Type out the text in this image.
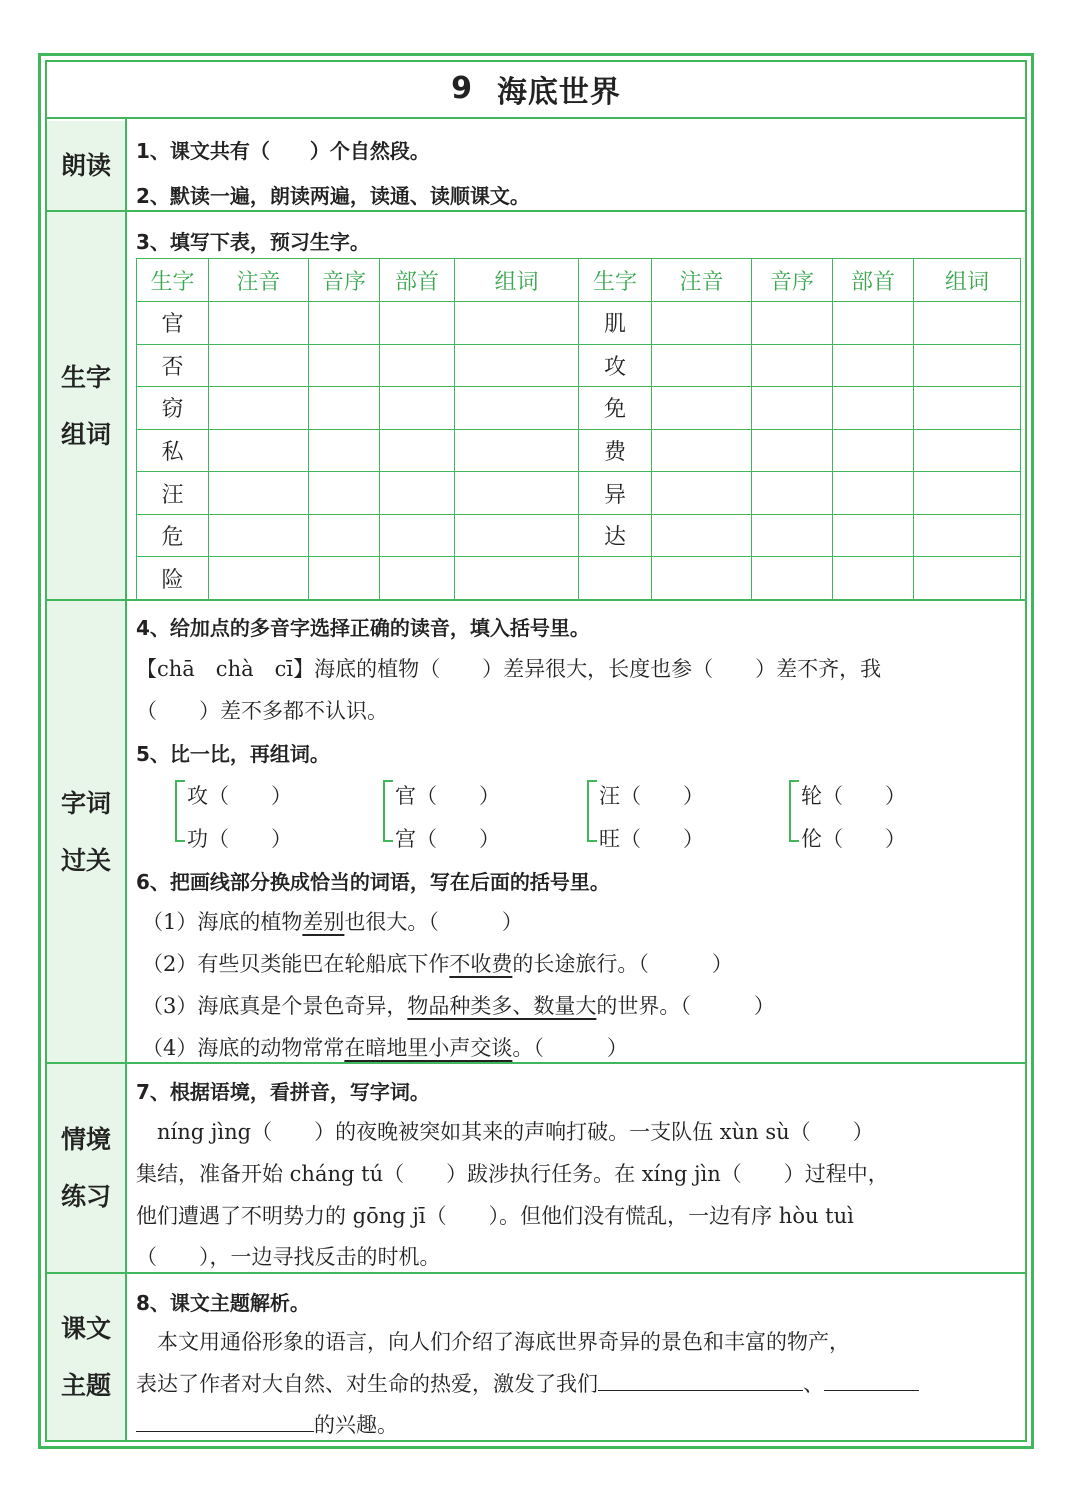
9 海底世界
朗读
生字
组词
字词
过关
情境
练习
课文
主题
1、课文共有（　　）个自然段。
2、默读一遍，朗读两遍，读通、读顺课文。
3、填写下表，预习生字。
生字	注音	音序	部首	组词	生字	注音	音序	部首	组词
官					肌				
否					攻				
窃					免				
私					费				
汪					异				
危					达				
险									
4、给加点的多音字选择正确的读音，填入括号里。
【chā　chà　cī】海底的植物（　　）差异很大，长度也参（　　）差不齐，我
（　　）差不多都不认识。
5、比一比，再组词。
攻（　　）
功（　　）
官（　　）
宫（　　）
汪（　　）
旺（　　）
轮（　　）
伦（　　）
6、把画线部分换成恰当的词语，写在后面的括号里。
（1）海底的植物差别也很大。（　　　）
（2）有些贝类能巴在轮船底下作不收费的长途旅行。（　　　）
（3）海底真是个景色奇异，物品种类多、数量大的世界。（　　　）
（4）海底的动物常常在暗地里小声交谈。（　　　）
7、根据语境，看拼音，写字词。
　níng jìng（　　）的夜晚被突如其来的声响打破。一支队伍 xùn sù（　　）
集结，准备开始 cháng tú（　　）跋涉执行任务。在 xíng jìn（　　）过程中，
他们遭遇了不明势力的 gōng jī（　　）。但他们没有慌乱，一边有序 hòu tuì
（　　），一边寻找反击的时机。
8、课文主题解析。
　本文用通俗形象的语言，向人们介绍了海底世界奇异的景色和丰富的物产，
表达了作者对大自然、对生命的热爱，激发了我们	、
的兴趣。
